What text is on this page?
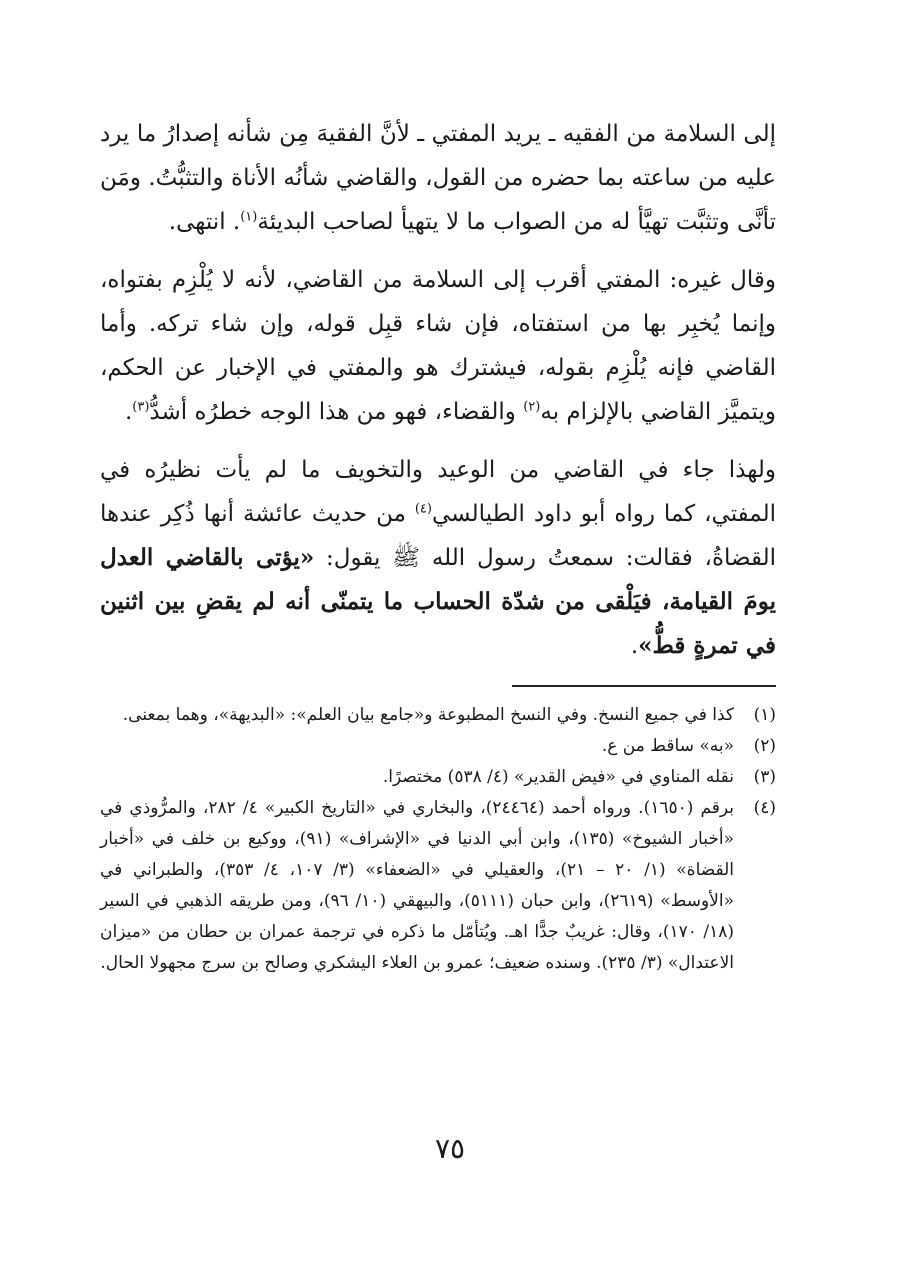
إلى السلامة من الفقيه ـ يريد المفتي ـ لأنَّ الفقيهَ مِن شأنه إصدارُ ما يرد عليه من ساعته بما حضره من القول، والقاضي شأنُه الأناة والتثبُّتُ. ومَن تأنَّى وتثبَّت تهيَّأ له من الصواب ما لا يتهيأ لصاحب البديئة$^{(١)}$. انتهى.

وقال غيره: المفتي أقرب إلى السلامة من القاضي، لأنه لا يُلْزِم بفتواه، وإنما يُخبِر بها من استفتاه، فإن شاء قبِل قوله، وإن شاء تركه. وأما القاضي فإنه يُلْزِم بقوله، فيشترك هو والمفتي في الإخبار عن الحكم، ويتميَّز القاضي بالإلزام به$^{(٢)}$ والقضاء، فهو من هذا الوجه خطرُه أشدُّ$^{(٣)}$.

ولهذا جاء في القاضي من الوعيد والتخويف ما لم يأت نظيرُه في المفتي، كما رواه أبو داود الطيالسي$^{(٤)}$ من حديث عائشة أنها ذُكِر عندها القضاةُ، فقالت: سمعتُ رسول الله ﷺ يقول: «يؤتى بالقاضي العدل يومَ القيامة، فيَلْقى من شدّة الحساب ما يتمنّى أنه لم يقضِ بين اثنين في تمرةٍ قطُّ».

(١)
كذا في جميع النسخ. وفي النسخ المطبوعة و«جامع بيان العلم»: «البديهة»، وهما بمعنى.
(٢)
«به» ساقط من ع.
(٣)
نقله المناوي في «فيض القدير» (٤/ ٥٣٨) مختصرًا.
(٤)
برقم (١٦٥٠). ورواه أحمد (٢٤٤٦٤)، والبخاري في «التاريخ الكبير» ٤/ ٢٨٢، والمرُّوذي في «أخبار الشيوخ» (١٣٥)، وابن أبي الدنيا في «الإشراف» (٩١)، ووكيع بن خلف في «أخبار القضاة» (١/ ٢٠ – ٢١)، والعقيلي في «الضعفاء» (٣/ ١٠٧، ٤/ ٣٥٣)، والطبراني في «الأوسط» (٢٦١٩)، وابن حبان (٥١١١)، والبيهقي (١٠/ ٩٦)، ومن طريقه الذهبي في السير (١٨/ ١٧٠)، وقال: غريبٌ جدًّا اهـ. ويُتأمّل ما ذكره في ترجمة عمران بن حطان من «ميزان الاعتدال» (٣/ ٢٣٥). وسنده ضعيف؛ عمرو بن العلاء اليشكري وصالح بن سرج مجهولا الحال.
٧٥
